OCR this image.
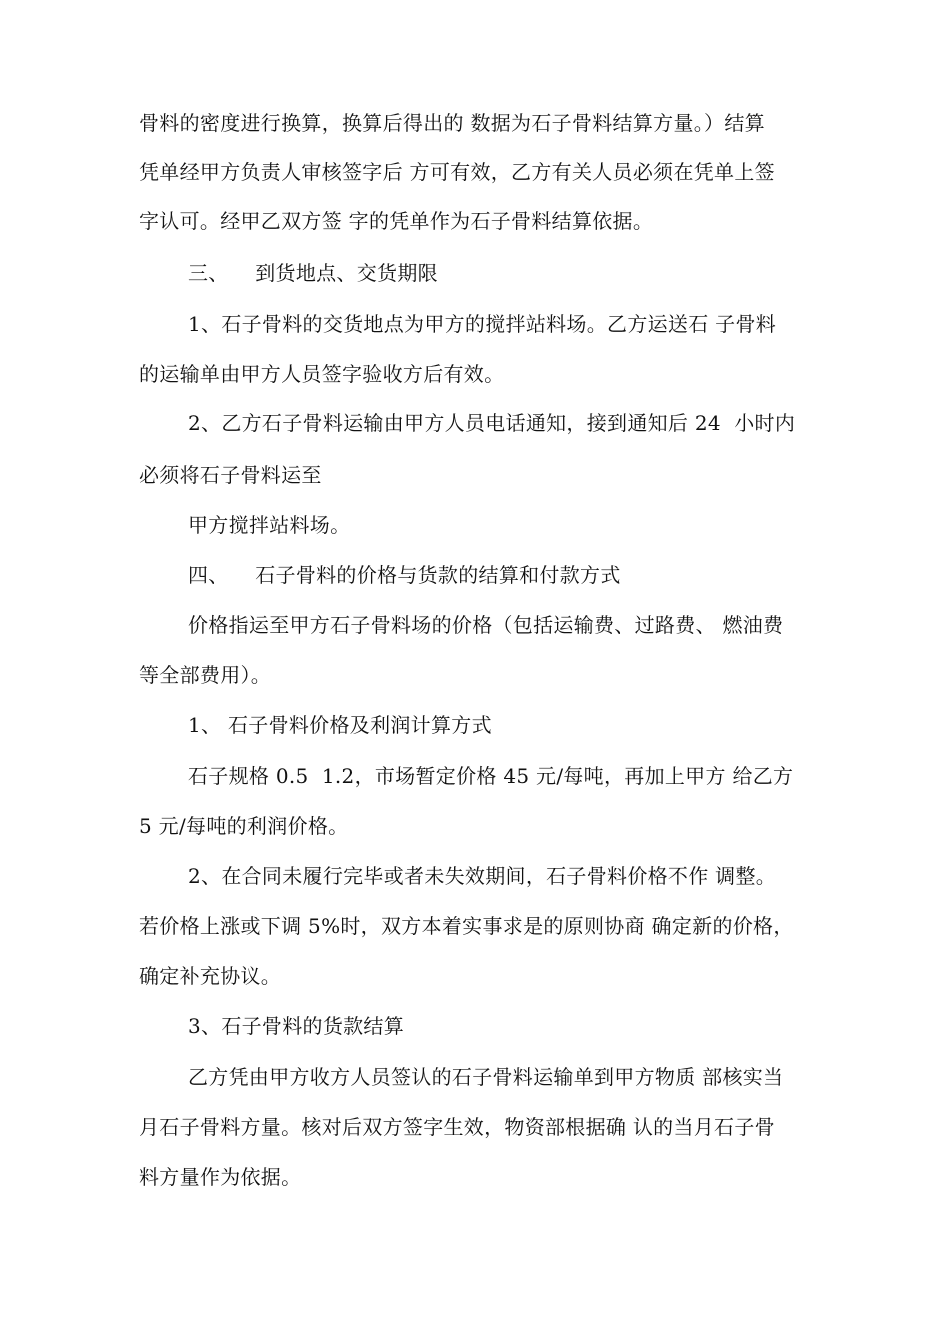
骨料的密度进行换算，换算后得出的 数据为石子骨料结算方量。）结算
凭单经甲方负责人审核签字后 方可有效，乙方有关人员必须在凭单上签
字认可。经甲乙双方签 字的凭单作为石子骨料结算依据。
三、    到货地点、交货期限
1、石子骨料的交货地点为甲方的搅拌站料场。乙方运送石 子骨料
的运输单由甲方人员签字验收方后有效。
2、乙方石子骨料运输由甲方人员电话通知，接到通知后 24  小时内
必须将石子骨料运至
甲方搅拌站料场。
四、    石子骨料的价格与货款的结算和付款方式
价格指运至甲方石子骨料场的价格（包括运输费、过路费、 燃油费
等全部费用）。
1、 石子骨料价格及利润计算方式
石子规格 0.5  1.2，市场暂定价格 45 元/每吨，再加上甲方 给乙方
5 元/每吨的利润价格。
2、在合同未履行完毕或者未失效期间，石子骨料价格不作 调整。
若价格上涨或下调 5%时，双方本着实事求是的原则协商 确定新的价格，
确定补充协议。
3、石子骨料的货款结算
乙方凭由甲方收方人员签认的石子骨料运输单到甲方物质 部核实当
月石子骨料方量。核对后双方签字生效，物资部根据确 认的当月石子骨
料方量作为依据。
